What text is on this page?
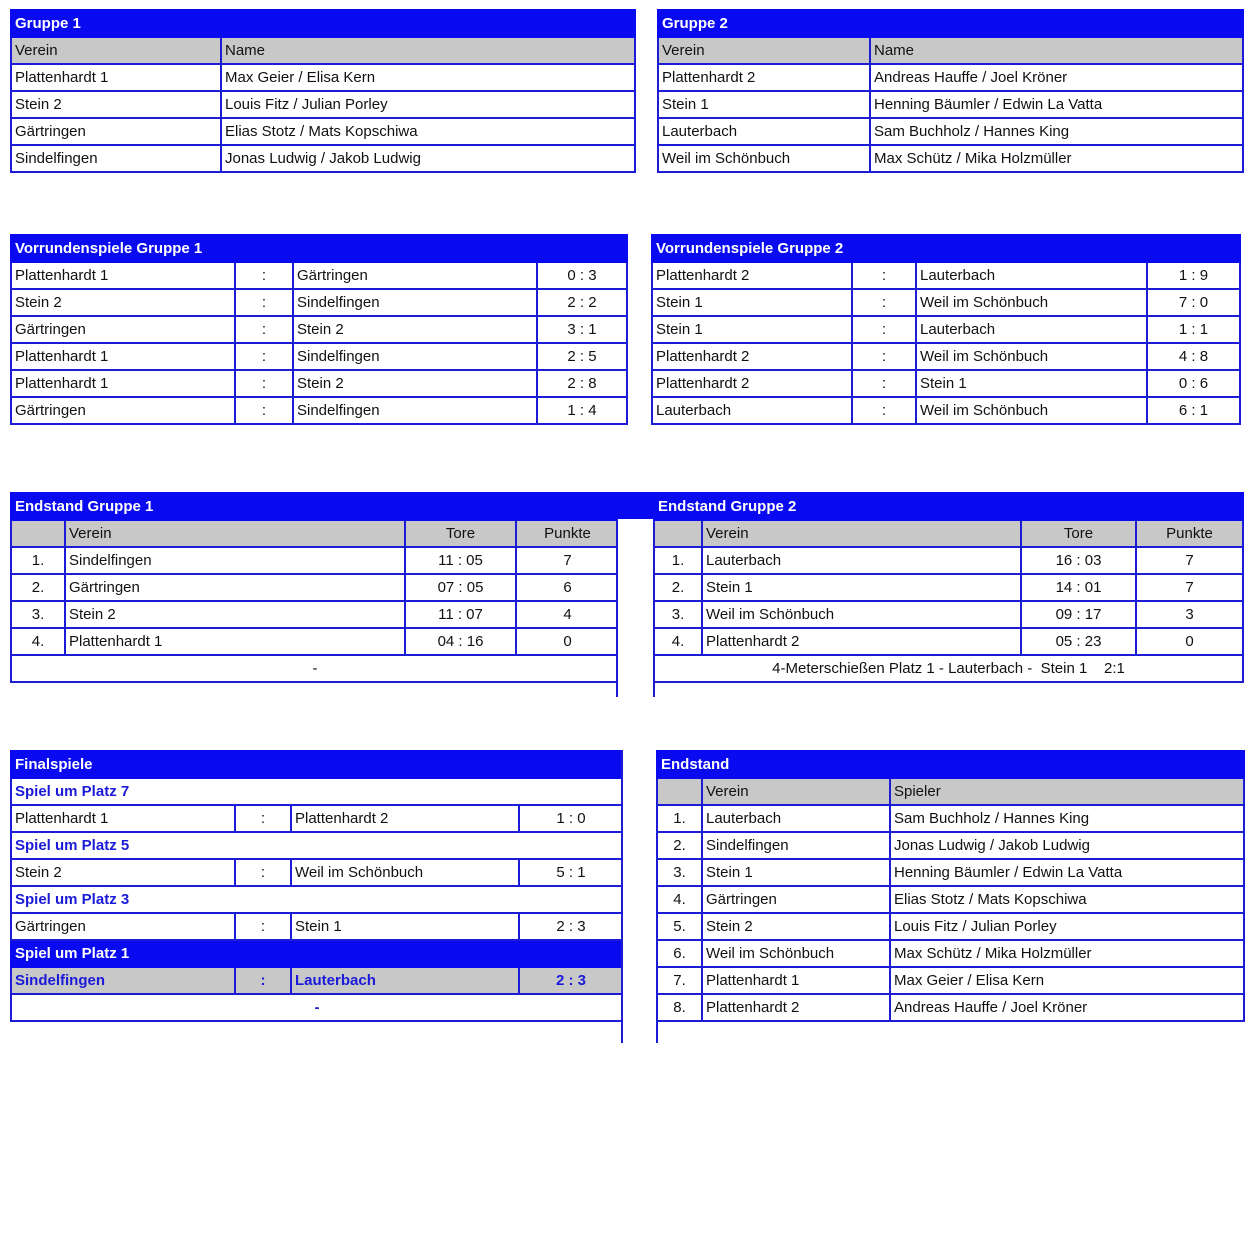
Gruppe 1	
Verein	Name
Plattenhardt 1	Max Geier / Elisa Kern
Stein 2	Louis Fitz / Julian Porley
Gärtringen	Elias Stotz / Mats Kopschiwa
Sindelfingen	Jonas Ludwig / Jakob Ludwig
Gruppe 2	
Verein	Name
Plattenhardt 2	Andreas Hauffe / Joel Kröner
Stein 1	Henning Bäumler / Edwin La Vatta
Lauterbach	Sam Buchholz / Hannes King
Weil im Schönbuch	Max Schütz / Mika Holzmüller
Vorrundenspiele Gruppe 1			
Plattenhardt 1	:	Gärtringen	0 : 3
Stein 2	:	Sindelfingen	2 : 2
Gärtringen	:	Stein 2	3 : 1
Plattenhardt 1	:	Sindelfingen	2 : 5
Plattenhardt 1	:	Stein 2	2 : 8
Gärtringen	:	Sindelfingen	1 : 4
Vorrundenspiele Gruppe 2			
Plattenhardt 2	:	Lauterbach	1 : 9
Stein 1	:	Weil im Schönbuch	7 : 0
Stein 1	:	Lauterbach	1 : 1
Plattenhardt 2	:	Weil im Schönbuch	4 : 8
Plattenhardt 2	:	Stein 1	0 : 6
Lauterbach	:	Weil im Schönbuch	6 : 1
Endstand Gruppe 1			
	Verein	Tore	Punkte
1.	Sindelfingen	11 : 05	7
2.	Gärtringen	07 : 05	6
3.	Stein 2	11 : 07	4
4.	Plattenhardt 1	04 : 16	0
-			
Endstand Gruppe 2			
	Verein	Tore	Punkte
1.	Lauterbach	16 : 03	7
2.	Stein 1	14 : 01	7
3.	Weil im Schönbuch	09 : 17	3
4.	Plattenhardt 2	05 : 23	0
4-Meterschießen Platz 1 - Lauterbach -  Stein 1    2:1			
Finalspiele			
Spiel um Platz 7			
Plattenhardt 1	:	Plattenhardt 2	1 : 0
Spiel um Platz 5			
Stein 2	:	Weil im Schönbuch	5 : 1
Spiel um Platz 3			
Gärtringen	:	Stein 1	2 : 3
Spiel um Platz 1			
Sindelfingen	:	Lauterbach	2 : 3
-			
Endstand		
	Verein	Spieler
1.	Lauterbach	Sam Buchholz / Hannes King
2.	Sindelfingen	Jonas Ludwig / Jakob Ludwig
3.	Stein 1	Henning Bäumler / Edwin La Vatta
4.	Gärtringen	Elias Stotz / Mats Kopschiwa
5.	Stein 2	Louis Fitz / Julian Porley
6.	Weil im Schönbuch	Max Schütz / Mika Holzmüller
7.	Plattenhardt 1	Max Geier / Elisa Kern
8.	Plattenhardt 2	Andreas Hauffe / Joel Kröner
